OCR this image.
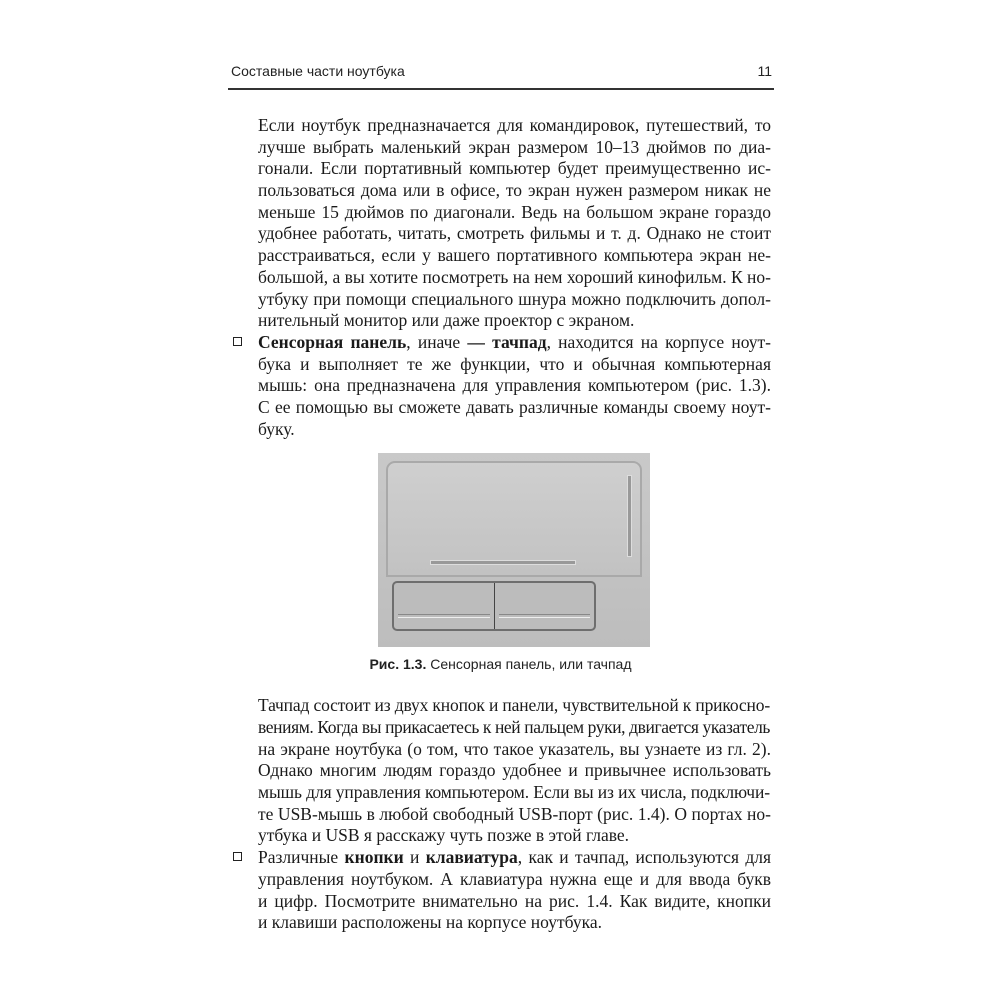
Составные части ноутбука	11
Если ноутбук предназначается для командировок, путешествий, то
лучше выбрать маленький экран размером 10–13 дюймов по диа-
гонали. Если портативный компьютер будет преимущественно ис-
пользоваться дома или в офисе, то экран нужен размером никак не
меньше 15 дюймов по диагонали. Ведь на большом экране гораздо
удобнее работать, читать, смотреть фильмы и т. д. Однако не стоит
расстраиваться, если у вашего портативного компьютера экран не-
большой, а вы хотите посмотреть на нем хороший кинофильм. К но-
утбуку при помощи специального шнура можно подключить допол-
нительный монитор или даже проектор с экраном.
Сенсорная панель, иначе — тачпад, находится на корпусе ноут-
бука и выполняет те же функции, что и обычная компьютерная
мышь: она предназначена для управления компьютером (рис. 1.3).
С ее помощью вы сможете давать различные команды своему ноут-
буку.
Рис. 1.3. Сенсорная панель, или тачпад
Тачпад состоит из двух кнопок и панели, чувствительной к прикосно-
вениям. Когда вы прикасаетесь к ней пальцем руки, двигается указатель
на экране ноутбука (о том, что такое указатель, вы узнаете из гл. 2).
Однако многим людям гораздо удобнее и привычнее использовать
мышь для управления компьютером. Если вы из их числа, подключи-
те USB-мышь в любой свободный USB-порт (рис. 1.4). О портах но-
утбука и USB я расскажу чуть позже в этой главе.
Различные кнопки и клавиатура, как и тачпад, используются для
управления ноутбуком. А клавиатура нужна еще и для ввода букв
и цифр. Посмотрите внимательно на рис. 1.4. Как видите, кнопки
и клавиши расположены на корпусе ноутбука.
